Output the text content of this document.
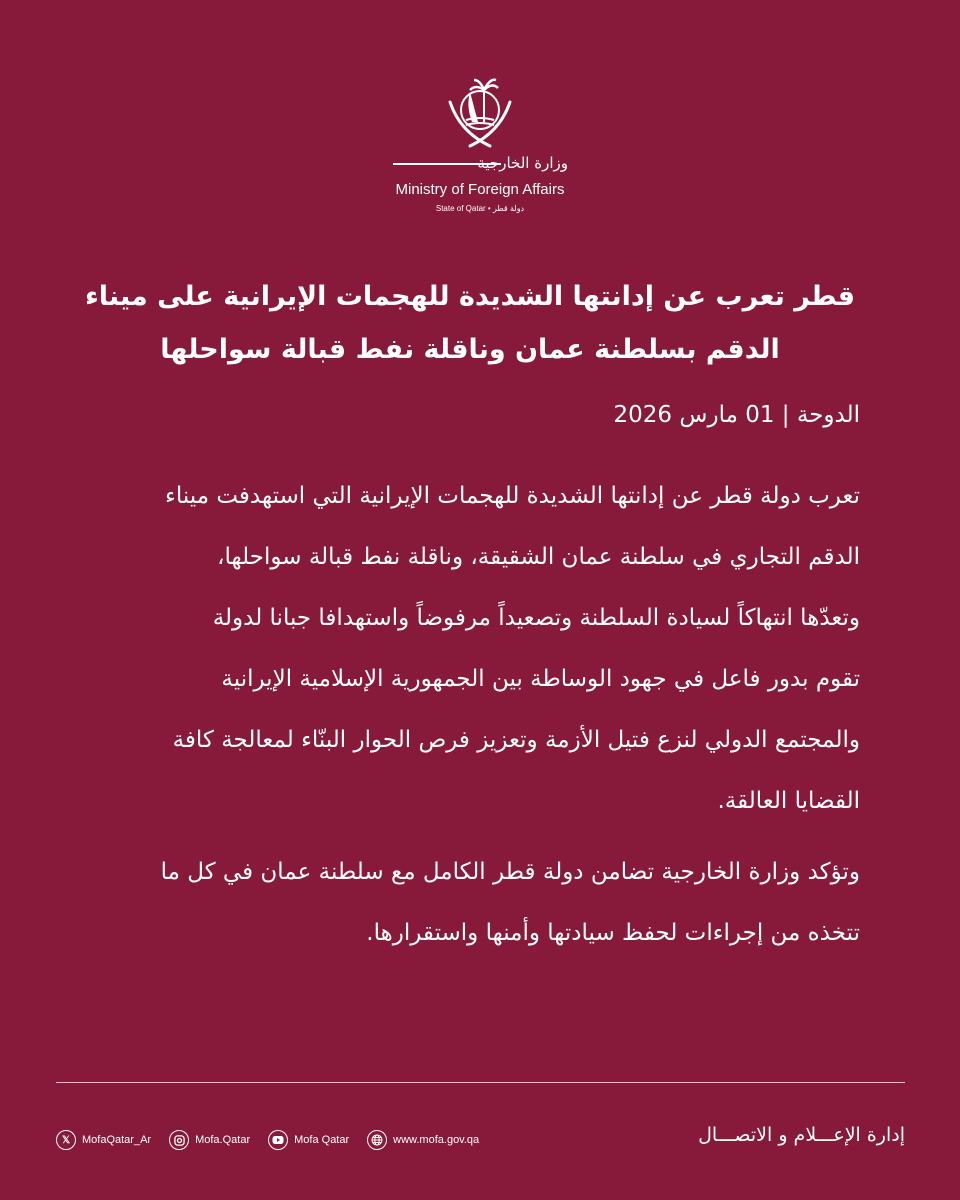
وزارة الخارجية
Ministry of Foreign Affairs
State of Qatar • دولة قطر
قطر تعرب عن إدانتها الشديدة للهجمات الإيرانية على ميناء
الدقم بسلطنة عمان وناقلة نفط قبالة سواحلها
الدوحة | 01 مارس 2026
تعرب دولة قطر عن إدانتها الشديدة للهجمات الإيرانية التي استهدفت ميناء
الدقم التجاري في سلطنة عمان الشقيقة، وناقلة نفط قبالة سواحلها،
وتعدّها انتهاكاً لسيادة السلطنة وتصعيداً مرفوضاً واستهدافا جبانا لدولة
تقوم بدور فاعل في جهود الوساطة بين الجمهورية الإسلامية الإيرانية
والمجتمع الدولي لنزع فتيل الأزمة وتعزيز فرص الحوار البنّاء لمعالجة كافة
القضايا العالقة.
وتؤكد وزارة الخارجية تضامن دولة قطر الكامل مع سلطنة عمان في كل ما
تتخذه من إجراءات لحفظ سيادتها وأمنها واستقرارها.
𝕏	MofaQatar_Ar	Mofa.Qatar	Mofa Qatar	www.mofa.gov.qa	إدارة الإعـــلام و الاتصـــال
